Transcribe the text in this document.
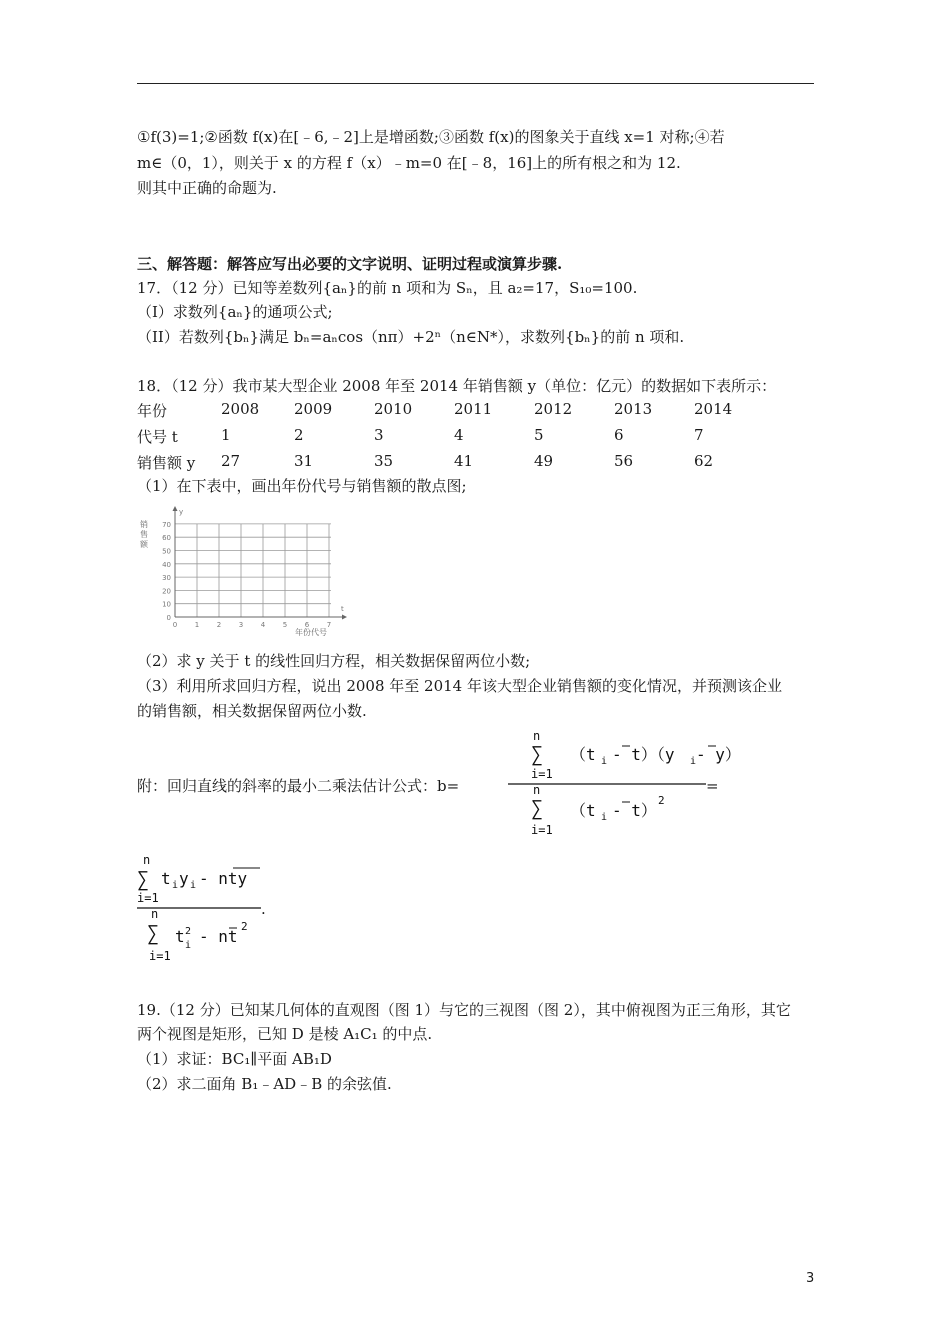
①f(3)=1;②函数 f(x)在[﹣6,﹣2]上是增函数;③函数 f(x)的图象关于直线 x=1 对称;④若
m∈（0，1），则关于 x 的方程 f（x）﹣m=0 在[﹣8，16]上的所有根之和为 12.
则其中正确的命题为.
三、解答题：解答应写出必要的文字说明、证明过程或演算步骤.
17．（12 分）已知等差数列{aₙ}的前 n 项和为 Sₙ，且 a₂=17，S₁₀=100.
（I）求数列{aₙ}的通项公式;
（II）若数列{bₙ}满足 bₙ=aₙcos（nπ）+2ⁿ（n∈N*），求数列{bₙ}的前 n 项和.
18．（12 分）我市某大型企业 2008 年至 2014 年销售额 y（单位：亿元）的数据如下表所示：
年份	2008 2009	2010	2011	2012	2013	2014
代号 t	1	2	3	4	5	6	7
销售额 y 27	31	35	41	49	56	62
（1）在下表中，画出年份代号与销售额的散点图;
y
t
销 售 额
0
10
20
30
40
50
60
70
0	1	2	3	4	5	6	7
年份代号
（2）求 y 关于 t 的线性回归方程，相关数据保留两位小数;
（3）利用所求回归方程，说出 2008 年至 2014 年该大型企业销售额的变化情况，并预测该企业
的销售额，相关数据保留两位小数.
附：回归直线的斜率的最小二乘法估计公式：b=
n
∑
i=1
（t i - t）（y i - y）
n
∑
i=1
（t i - t）
2
=
n
∑
i=1
t i y i - nty
n
∑
i=1
t 2
i - nt
2
.
19.（12 分）已知某几何体的直观图（图 1）与它的三视图（图 2），其中俯视图为正三角形，其它
两个视图是矩形，已知 D 是棱 A₁C₁ 的中点.
（1）求证：BC₁∥平面 AB₁D
（2）求二面角 B₁﹣AD﹣B 的余弦值.
3
